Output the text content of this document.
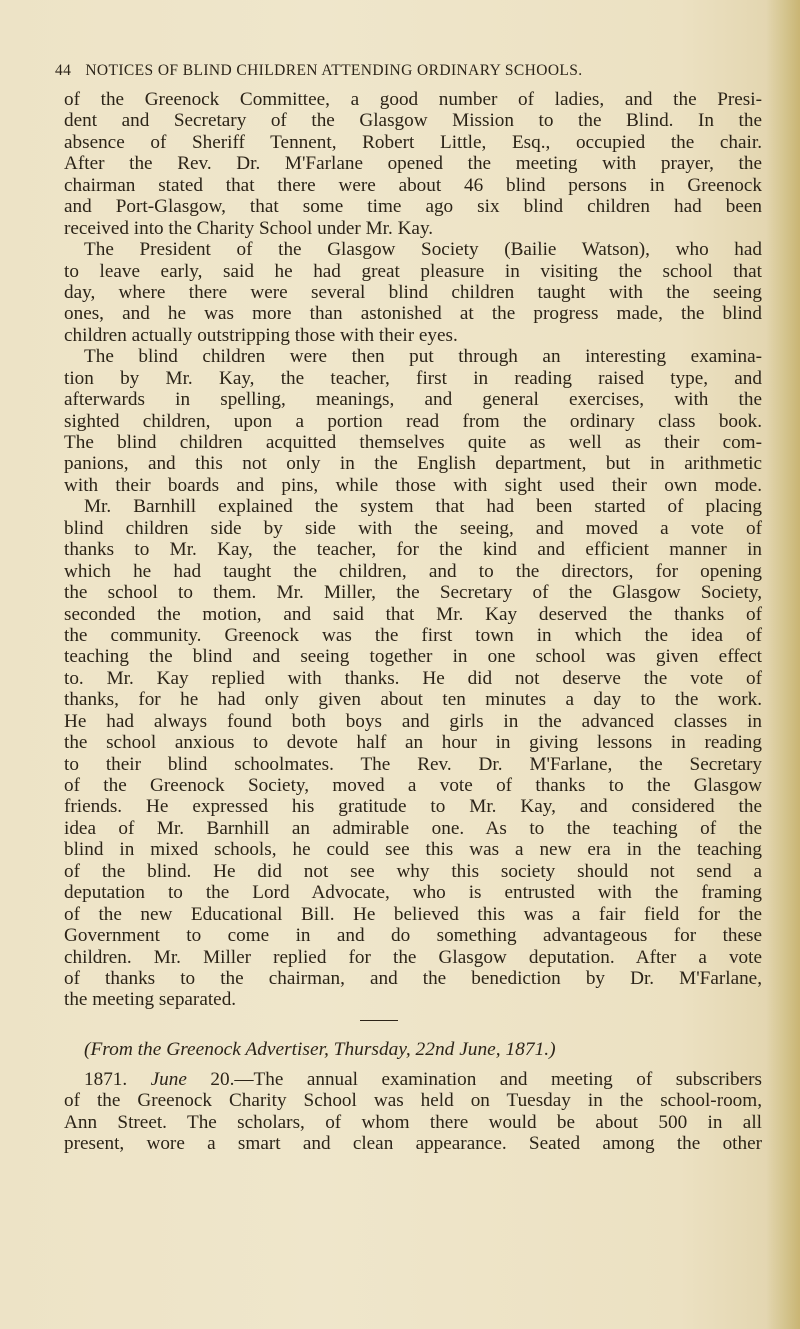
44 NOTICES OF BLIND CHILDREN ATTENDING ORDINARY SCHOOLS.
of the Greenock Committee, a good number of ladies, and the Presi-
dent and Secretary of the Glasgow Mission to the Blind. In the
absence of Sheriff Tennent, Robert Little, Esq., occupied the chair.
After the Rev. Dr. M'Farlane opened the meeting with prayer, the
chairman stated that there were about 46 blind persons in Greenock
and Port-Glasgow, that some time ago six blind children had been
received into the Charity School under Mr. Kay.
The President of the Glasgow Society (Bailie Watson), who had
to leave early, said he had great pleasure in visiting the school that
day, where there were several blind children taught with the seeing
ones, and he was more than astonished at the progress made, the blind
children actually outstripping those with their eyes.
The blind children were then put through an interesting examina-
tion by Mr. Kay, the teacher, first in reading raised type, and
afterwards in spelling, meanings, and general exercises, with the
sighted children, upon a portion read from the ordinary class book.
The blind children acquitted themselves quite as well as their com-
panions, and this not only in the English department, but in arithmetic
with their boards and pins, while those with sight used their own mode.
Mr. Barnhill explained the system that had been started of placing
blind children side by side with the seeing, and moved a vote of
thanks to Mr. Kay, the teacher, for the kind and efficient manner in
which he had taught the children, and to the directors, for opening
the school to them. Mr. Miller, the Secretary of the Glasgow Society,
seconded the motion, and said that Mr. Kay deserved the thanks of
the community. Greenock was the first town in which the idea of
teaching the blind and seeing together in one school was given effect
to. Mr. Kay replied with thanks. He did not deserve the vote of
thanks, for he had only given about ten minutes a day to the work.
He had always found both boys and girls in the advanced classes in
the school anxious to devote half an hour in giving lessons in reading
to their blind schoolmates. The Rev. Dr. M'Farlane, the Secretary
of the Greenock Society, moved a vote of thanks to the Glasgow
friends. He expressed his gratitude to Mr. Kay, and considered the
idea of Mr. Barnhill an admirable one. As to the teaching of the
blind in mixed schools, he could see this was a new era in the teaching
of the blind. He did not see why this society should not send a
deputation to the Lord Advocate, who is entrusted with the framing
of the new Educational Bill. He believed this was a fair field for the
Government to come in and do something advantageous for these
children. Mr. Miller replied for the Glasgow deputation. After a vote
of thanks to the chairman, and the benediction by Dr. M'Farlane,
the meeting separated.
(From the Greenock Advertiser, Thursday, 22nd June, 1871.)
1871. June 20.—The annual examination and meeting of subscribers
of the Greenock Charity School was held on Tuesday in the school-room,
Ann Street. The scholars, of whom there would be about 500 in all
present, wore a smart and clean appearance. Seated among the other
